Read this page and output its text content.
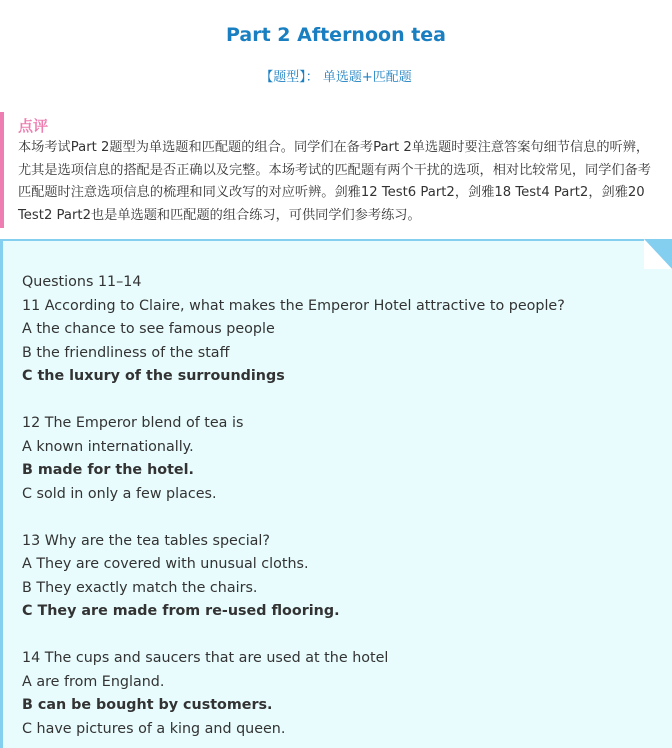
Part 2 Afternoon tea
【题型】： 单选题+匹配题
点评

本场考试Part 2题型为单选题和匹配题的组合。同学们在备考Part 2单选题时要注意答案句细节信息的听辨，尤其是选项信息的搭配是否正确以及完整。本场考试的匹配题有两个干扰的选项，相对比较常见，同学们备考匹配题时注意选项信息的梳理和同义改写的对应听辨。剑雅12 Test6 Part2，剑雅18 Test4 Part2，剑雅20 Test2 Part2也是单选题和匹配题的组合练习，可供同学们参考练习。

Questions 11–14
11 According to Claire, what makes the Emperor Hotel attractive to people?
A the chance to see famous people
B the friendliness of the staff
C the luxury of the surroundings
12 The Emperor blend of tea is
A known internationally.
B made for the hotel.
C sold in only a few places.
13 Why are the tea tables special?
A They are covered with unusual cloths.
B They exactly match the chairs.
C They are made from re-used flooring.
14 The cups and saucers that are used at the hotel
A are from England.
B can be bought by customers.
C have pictures of a king and queen.
